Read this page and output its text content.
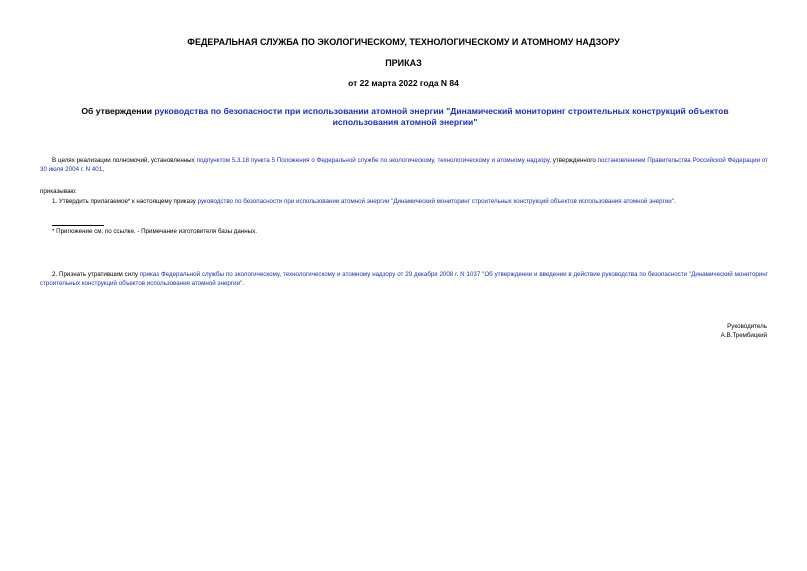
ФЕДЕРАЛЬНАЯ СЛУЖБА ПО ЭКОЛОГИЧЕСКОМУ, ТЕХНОЛОГИЧЕСКОМУ И АТОМНОМУ НАДЗОРУ
ПРИКАЗ
от 22 марта 2022 года N 84
Об утверждении руководства по безопасности при использовании атомной энергии "Динамический мониторинг строительных конструкций объектов использования атомной энергии"
В целях реализации полномочий, установленных подпунктом 5.3.18 пункта 5 Положения о Федеральной службе по экологическому, технологическому и атомному надзору, утвержденного постановлением Правительства Российской Федерации от 30 июля 2004 г. N 401,
приказываю:
1. Утвердить прилагаемое* к настоящему приказу руководство по безопасности при использовании атомной энергии "Динамический мониторинг строительных конструкций объектов использования атомной энергии".
* Приложение см. по ссылке. - Примечание изготовителя базы данных.
2. Признать утратившим силу приказ Федеральной службы по экологическому, технологическому и атомному надзору от 29 декабря 2008 г. N 1037 "Об утверждении и введении в действие руководства по безопасности "Динамический мониторинг строительных конструкций объектов использования атомной энергии".
Руководитель
А.В.Трембицкий
